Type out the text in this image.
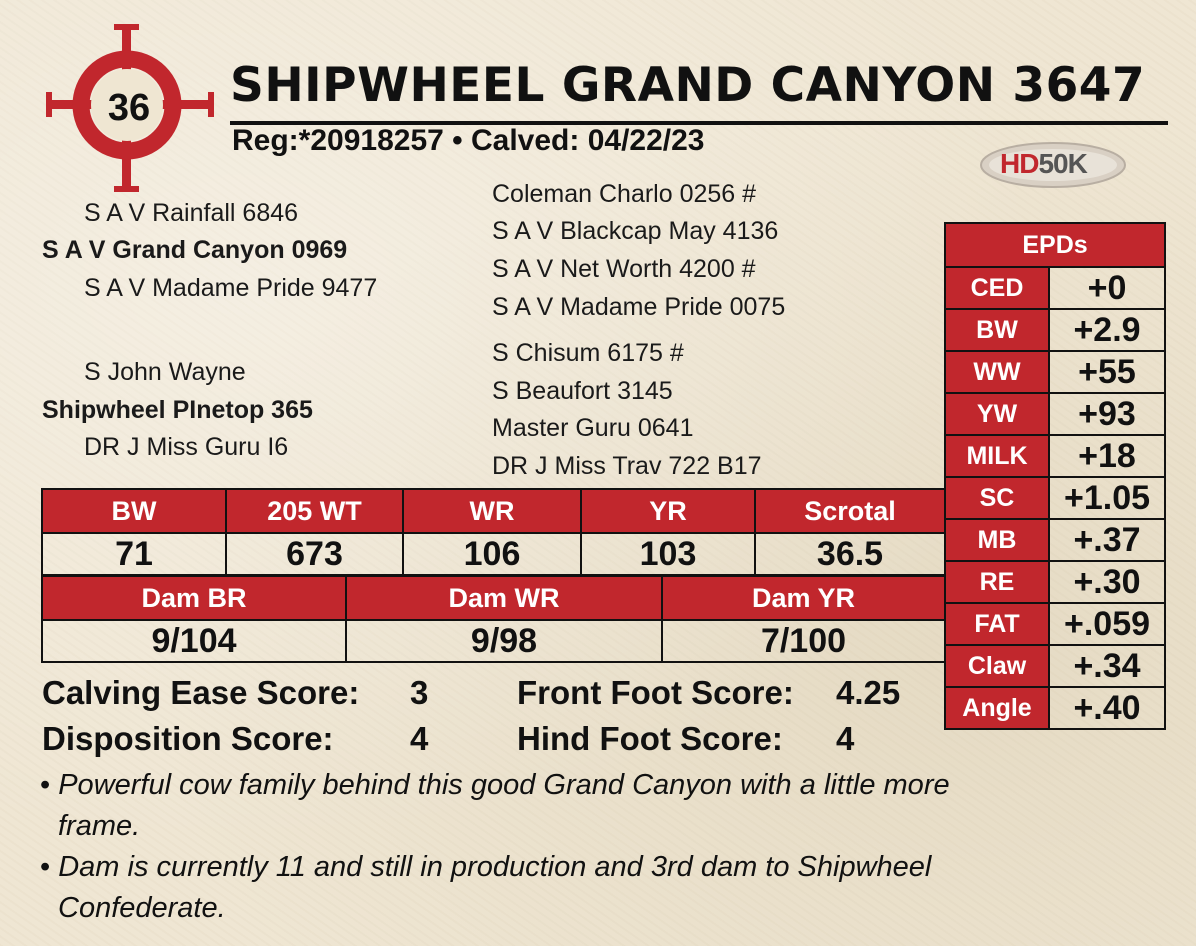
36	SHIPWHEEL GRAND CANYON 3647
Reg:*20918257 • Calved: 04/22/23
HD50K
S A V Rainfall 6846
S A V Grand Canyon 0969
S A V Madame Pride 9477
S John Wayne
Shipwheel PInetop 365
DR J Miss Guru I6
Coleman Charlo 0256 #
S A V Blackcap May 4136
S A V Net Worth 4200 #
S A V Madame Pride 0075
S Chisum 6175 #
S Beaufort 3145
Master Guru 0641
DR J Miss Trav 722 B17
BW	205 WT	WR	YR	Scrotal
71	673	106	103	36.5
Dam BR	Dam WR	Dam YR
9/104	9/98	7/100
EPDs	
CED	+0
BW	+2.9
WW	+55
YW	+93
MILK	+18
SC	+1.05
MB	+.37
RE	+.30
FAT	+.059
Claw	+.34
Angle	+.40
Calving Ease Score: 3
Disposition Score: 4
Front Foot Score: 4.25
Hind Foot Score: 4
• Powerful cow family behind this good Grand Canyon with a little more
frame.
• Dam is currently 11 and still in production and 3rd dam to Shipwheel
Confederate.
